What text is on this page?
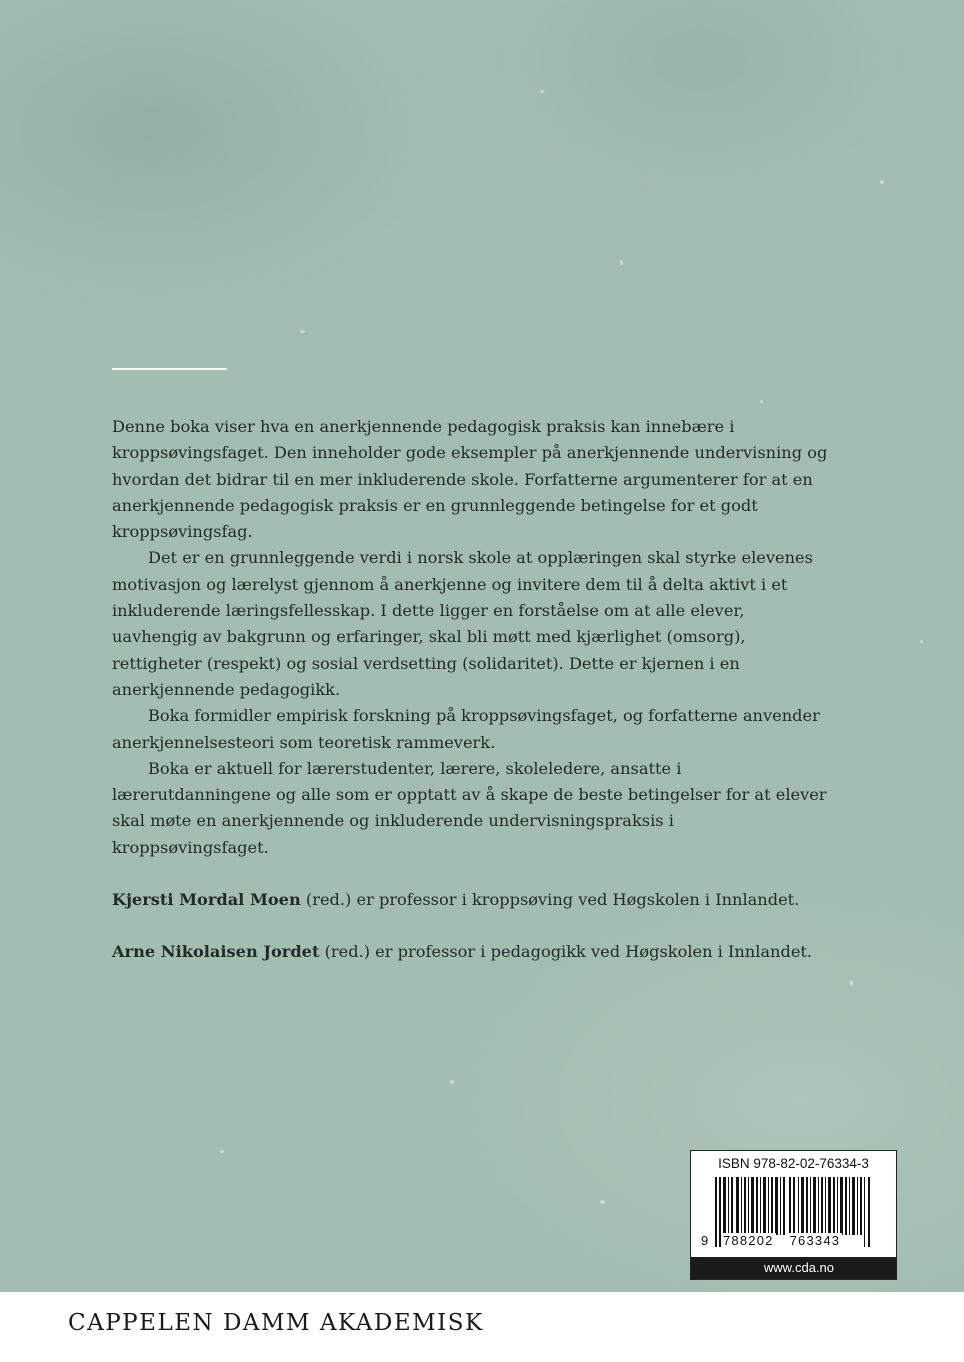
Denne boka viser hva en anerkjennende pedagogisk praksis kan innebære i kroppsøvingsfaget. Den inneholder gode eksempler på anerkjennende undervisning og hvordan det bidrar til en mer inkluderende skole. Forfatterne argumenterer for at en anerkjennende pedagogisk praksis er en grunnleggende betingelse for et godt kroppsøvingsfag.

Det er en grunnleggende verdi i norsk skole at opplæringen skal styrke elevenes motivasjon og lærelyst gjennom å anerkjenne og invitere dem til å delta aktivt i et inkluderende læringsfellesskap. I dette ligger en forståelse om at alle elever, uavhengig av bakgrunn og erfaringer, skal bli møtt med kjærlighet (omsorg), rettigheter (respekt) og sosial verdsetting (solidaritet). Dette er kjernen i en anerkjennende pedagogikk.

Boka formidler empirisk forskning på kroppsøvingsfaget, og forfatterne anvender anerkjennelsesteori som teoretisk rammeverk.

Boka er aktuell for lærerstudenter, lærere, skoleledere, ansatte i lærerutdanningene og alle som er opptatt av å skape de beste betingelser for at elever skal møte en anerkjennende og inkluderende undervisningspraksis i kroppsøvingsfaget.

Kjersti Mordal Moen (red.) er professor i kroppsøving ved Høgskolen i Innlandet.

Arne Nikolaisen Jordet (red.) er professor i pedagogikk ved Høgskolen i Innlandet.

ISBN 978-82-02-76334-3
9	788202 763343
www.cda.no
CAPPELEN DAMM AKADEMISK
